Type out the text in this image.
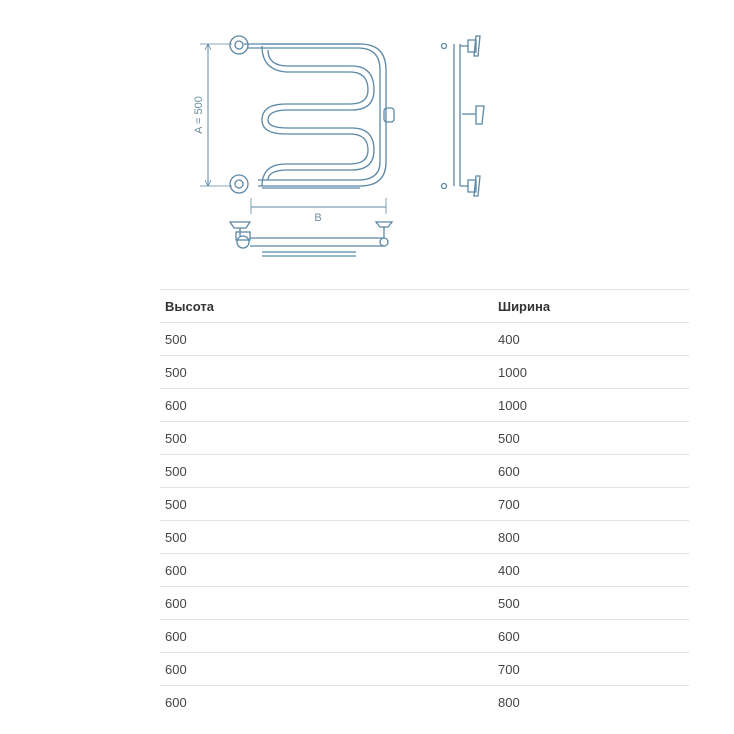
A = 500
B
Высота	Ширина
500	400
500	1000
600	1000
500	500
500	600
500	700
500	800
600	400
600	500
600	600
600	700
600	800
